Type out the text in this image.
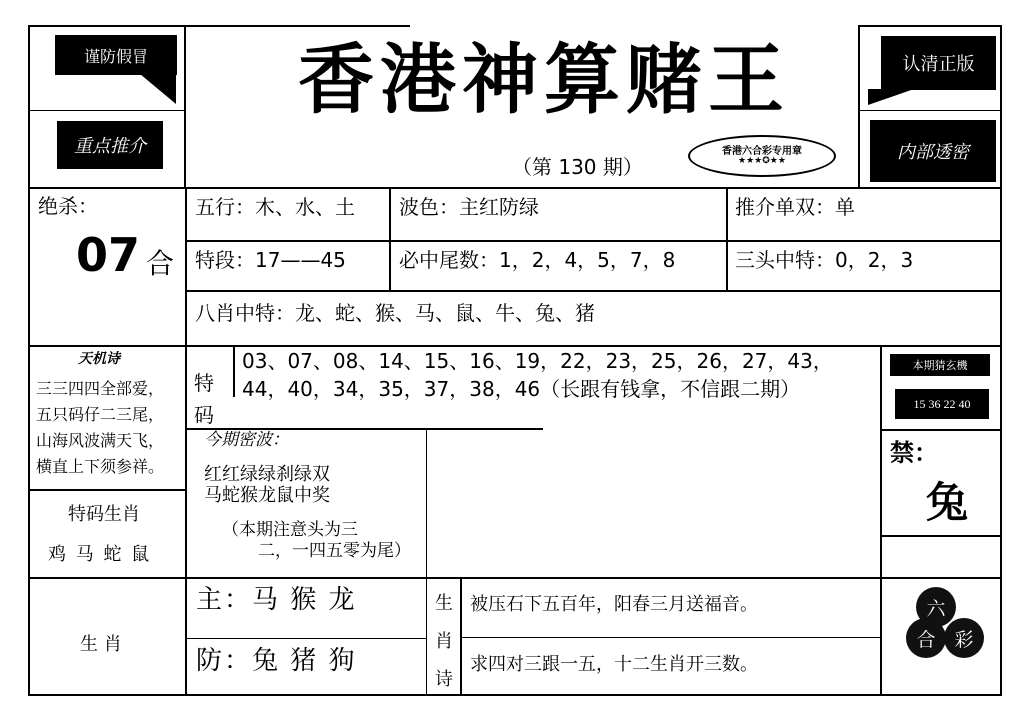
谨防假冒
重点推介
香港神算赌王
（第 130 期）
香港六合彩专用章
★★★✪★★
认清正版
内部透密
绝杀：
07 合
五行：木、水、土 波色：主红防绿	推介单双：单
特段：17——45	必中尾数：1，2，4，5，7，8	三头中特：0，2，3
八肖中特：龙、蛇、猴、马、鼠、牛、兔、猪
天机诗
三三四四全部爱，
五只码仔二三尾，
山海风波满天飞，
横直上下须参祥。
特码生肖
鸡 马 蛇 鼠
生 肖
特
码
03、07、08、14、15、16、19，22，23，25，26，27，43，
44，40，34，35，37，38，46（长跟有钱拿，不信跟二期）
本期猜玄機
15 36 22 40
禁：
兔
今期密波：
红红绿绿刹绿双
马蛇猴龙鼠中奖
（本期注意头为三
二，一四五零为尾）
主：马 猴 龙
防：兔 猪 狗
生
肖
诗
被压石下五百年，阳春三月送福音。
求四对三跟一五，十二生肖开三数。
六
合 彩
